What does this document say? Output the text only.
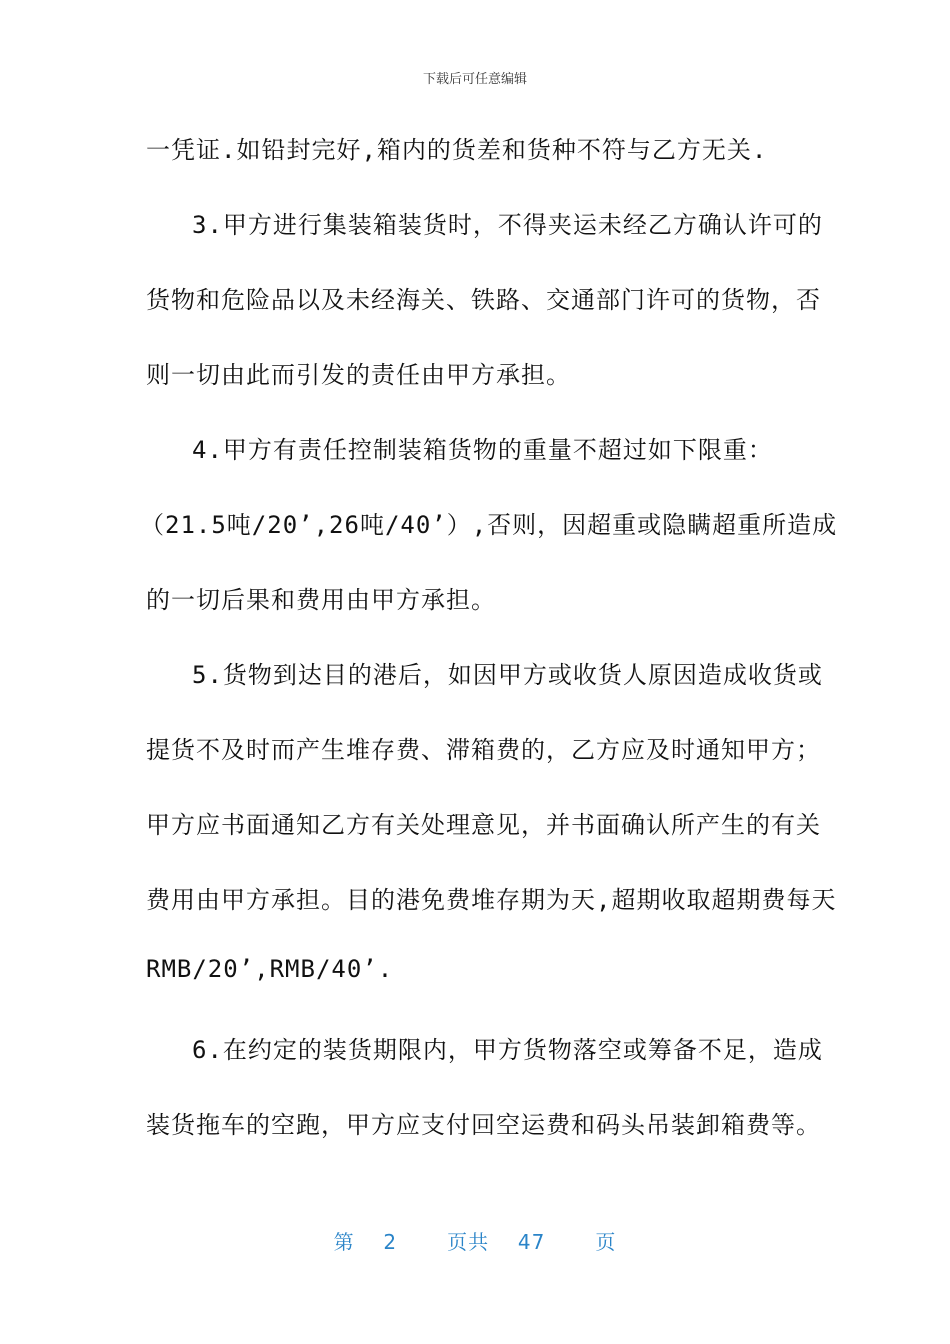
下载后可任意编辑
一凭证.如铅封完好,箱内的货差和货种不符与乙方无关.
3.甲方进行集装箱装货时，不得夹运未经乙方确认许可的
货物和危险品以及未经海关、铁路、交通部门许可的货物，否
则一切由此而引发的责任由甲方承担。
4.甲方有责任控制装箱货物的重量不超过如下限重：
（21.5吨/20’,26吨/40’）,否则，因超重或隐瞒超重所造成
的一切后果和费用由甲方承担。
5.货物到达目的港后，如因甲方或收货人原因造成收货或
提货不及时而产生堆存费、滞箱费的，乙方应及时通知甲方；
甲方应书面通知乙方有关处理意见，并书面确认所产生的有关
费用由甲方承担。目的港免费堆存期为天,超期收取超期费每天
RMB/20’,RMB/40’.
6.在约定的装货期限内，甲方货物落空或筹备不足，造成
装货拖车的空跑，甲方应支付回空运费和码头吊装卸箱费等。
第 2	页共 47	页
